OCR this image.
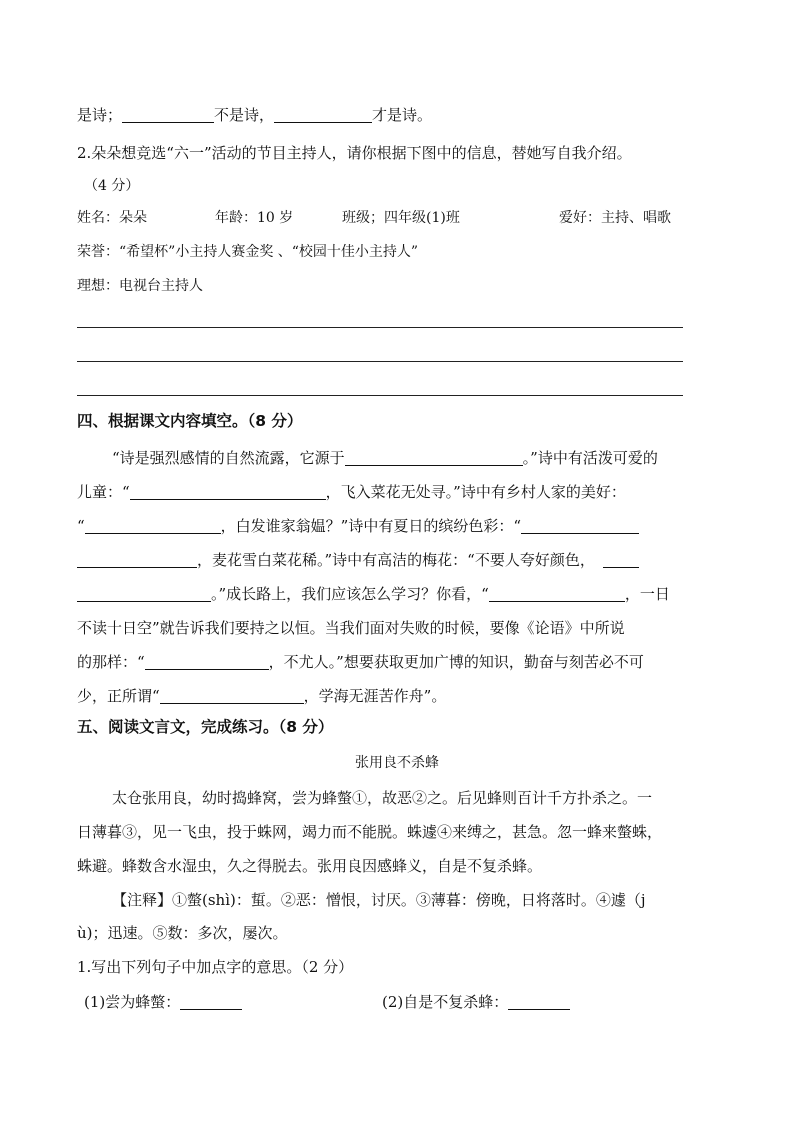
是诗；	不是诗，	才是诗。
2.朵朵想竞选“六一”活动的节目主持人，请你根据下图中的信息，替她写自我介绍。
（4 分）
姓名：朵朵	年龄：10 岁	班级；四年级(1)班	爱好：主持、唱歌
荣誉：“希望杯”小主持人赛金奖 、“校园十佳小主持人”
理想：电视台主持人
四、根据课文内容填空。（8 分）
“诗是强烈感情的自然流露，它源于	。”诗中有活泼可爱的
儿童：“	，飞入菜花无处寻。”诗中有乡村人家的美好：
“	，白发谁家翁媪？”诗中有夏日的缤纷色彩：“
，麦花雪白菜花稀。”诗中有高洁的梅花：“不要人夸好颜色，
。”成长路上，我们应该怎么学习？你看，“	，一日
不读十日空”就告诉我们要持之以恒。当我们面对失败的时候，要像《论语》中所说
的那样：“	，不尤人。”想要获取更加广博的知识，勤奋与刻苦必不可
少，正所谓“	，学海无涯苦作舟”。
五、阅读文言文，完成练习。（8 分）
张用良不杀蜂
太仓张用良，幼时捣蜂窝，尝为蜂螫①，故恶②之。后见蜂则百计千方扑杀之。一
日薄暮③，见一飞虫，投于蛛网，竭力而不能脱。蛛遽④来缚之，甚急。忽一蜂来螫蛛，
蛛避。蜂数含水湿虫，久之得脱去。张用良因感蜂义，自是不复杀蜂。
【注释】①螫(shì)：蜇。②恶：憎恨，讨厌。③薄暮：傍晚，日将落时。④遽（j
ù)；迅速。⑤数：多次，屡次。
1.写出下列句子中加点字的意思。（2 分）
(1)尝为蜂螫：	(2)自是不复杀蜂：
